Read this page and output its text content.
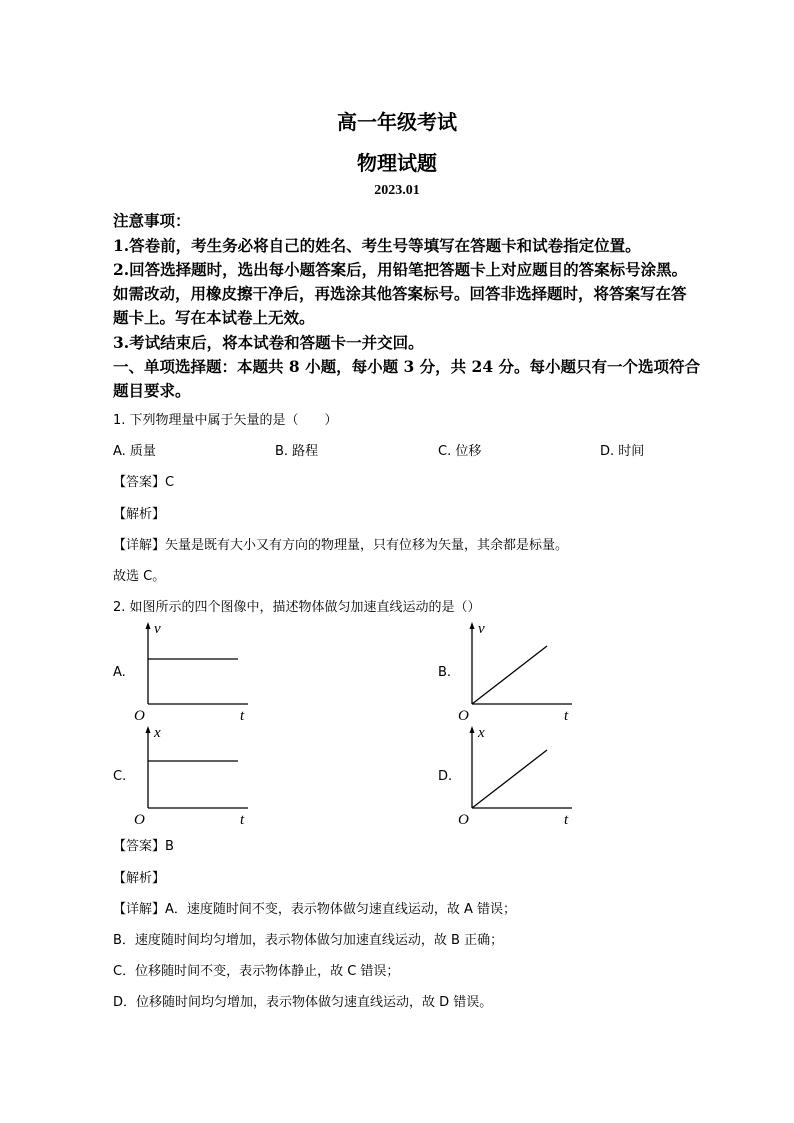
高一年级考试
物理试题
2023.01
注意事项：
1.答卷前，考生务必将自己的姓名、考生号等填写在答题卡和试卷指定位置。
2.回答选择题时，选出每小题答案后，用铅笔把答题卡上对应题目的答案标号涂黑。
如需改动，用橡皮擦干净后，再选涂其他答案标号。回答非选择题时，将答案写在答
题卡上。写在本试卷上无效。
3.考试结束后，将本试卷和答题卡一并交回。
一、单项选择题：本题共 8 小题，每小题 3 分，共 24 分。每小题只有一个选项符合
题目要求。
1. 下列物理量中属于矢量的是（　　）
A. 质量	B. 路程	C. 位移	D. 时间
【答案】C
【解析】
【详解】矢量是既有大小又有方向的物理量，只有位移为矢量，其余都是标量。
故选 C。
2. 如图所示的四个图像中，描述物体做匀加速直线运动的是（）
A.
v
t
O
B.
v
t
O
C.
x
t
O
D.
x
t
O
【答案】B
【解析】
【详解】A．速度随时间不变，表示物体做匀速直线运动，故 A 错误；
B．速度随时间均匀增加，表示物体做匀加速直线运动，故 B 正确；
C．位移随时间不变，表示物体静止，故 C 错误；
D．位移随时间均匀增加，表示物体做匀速直线运动，故 D 错误。
